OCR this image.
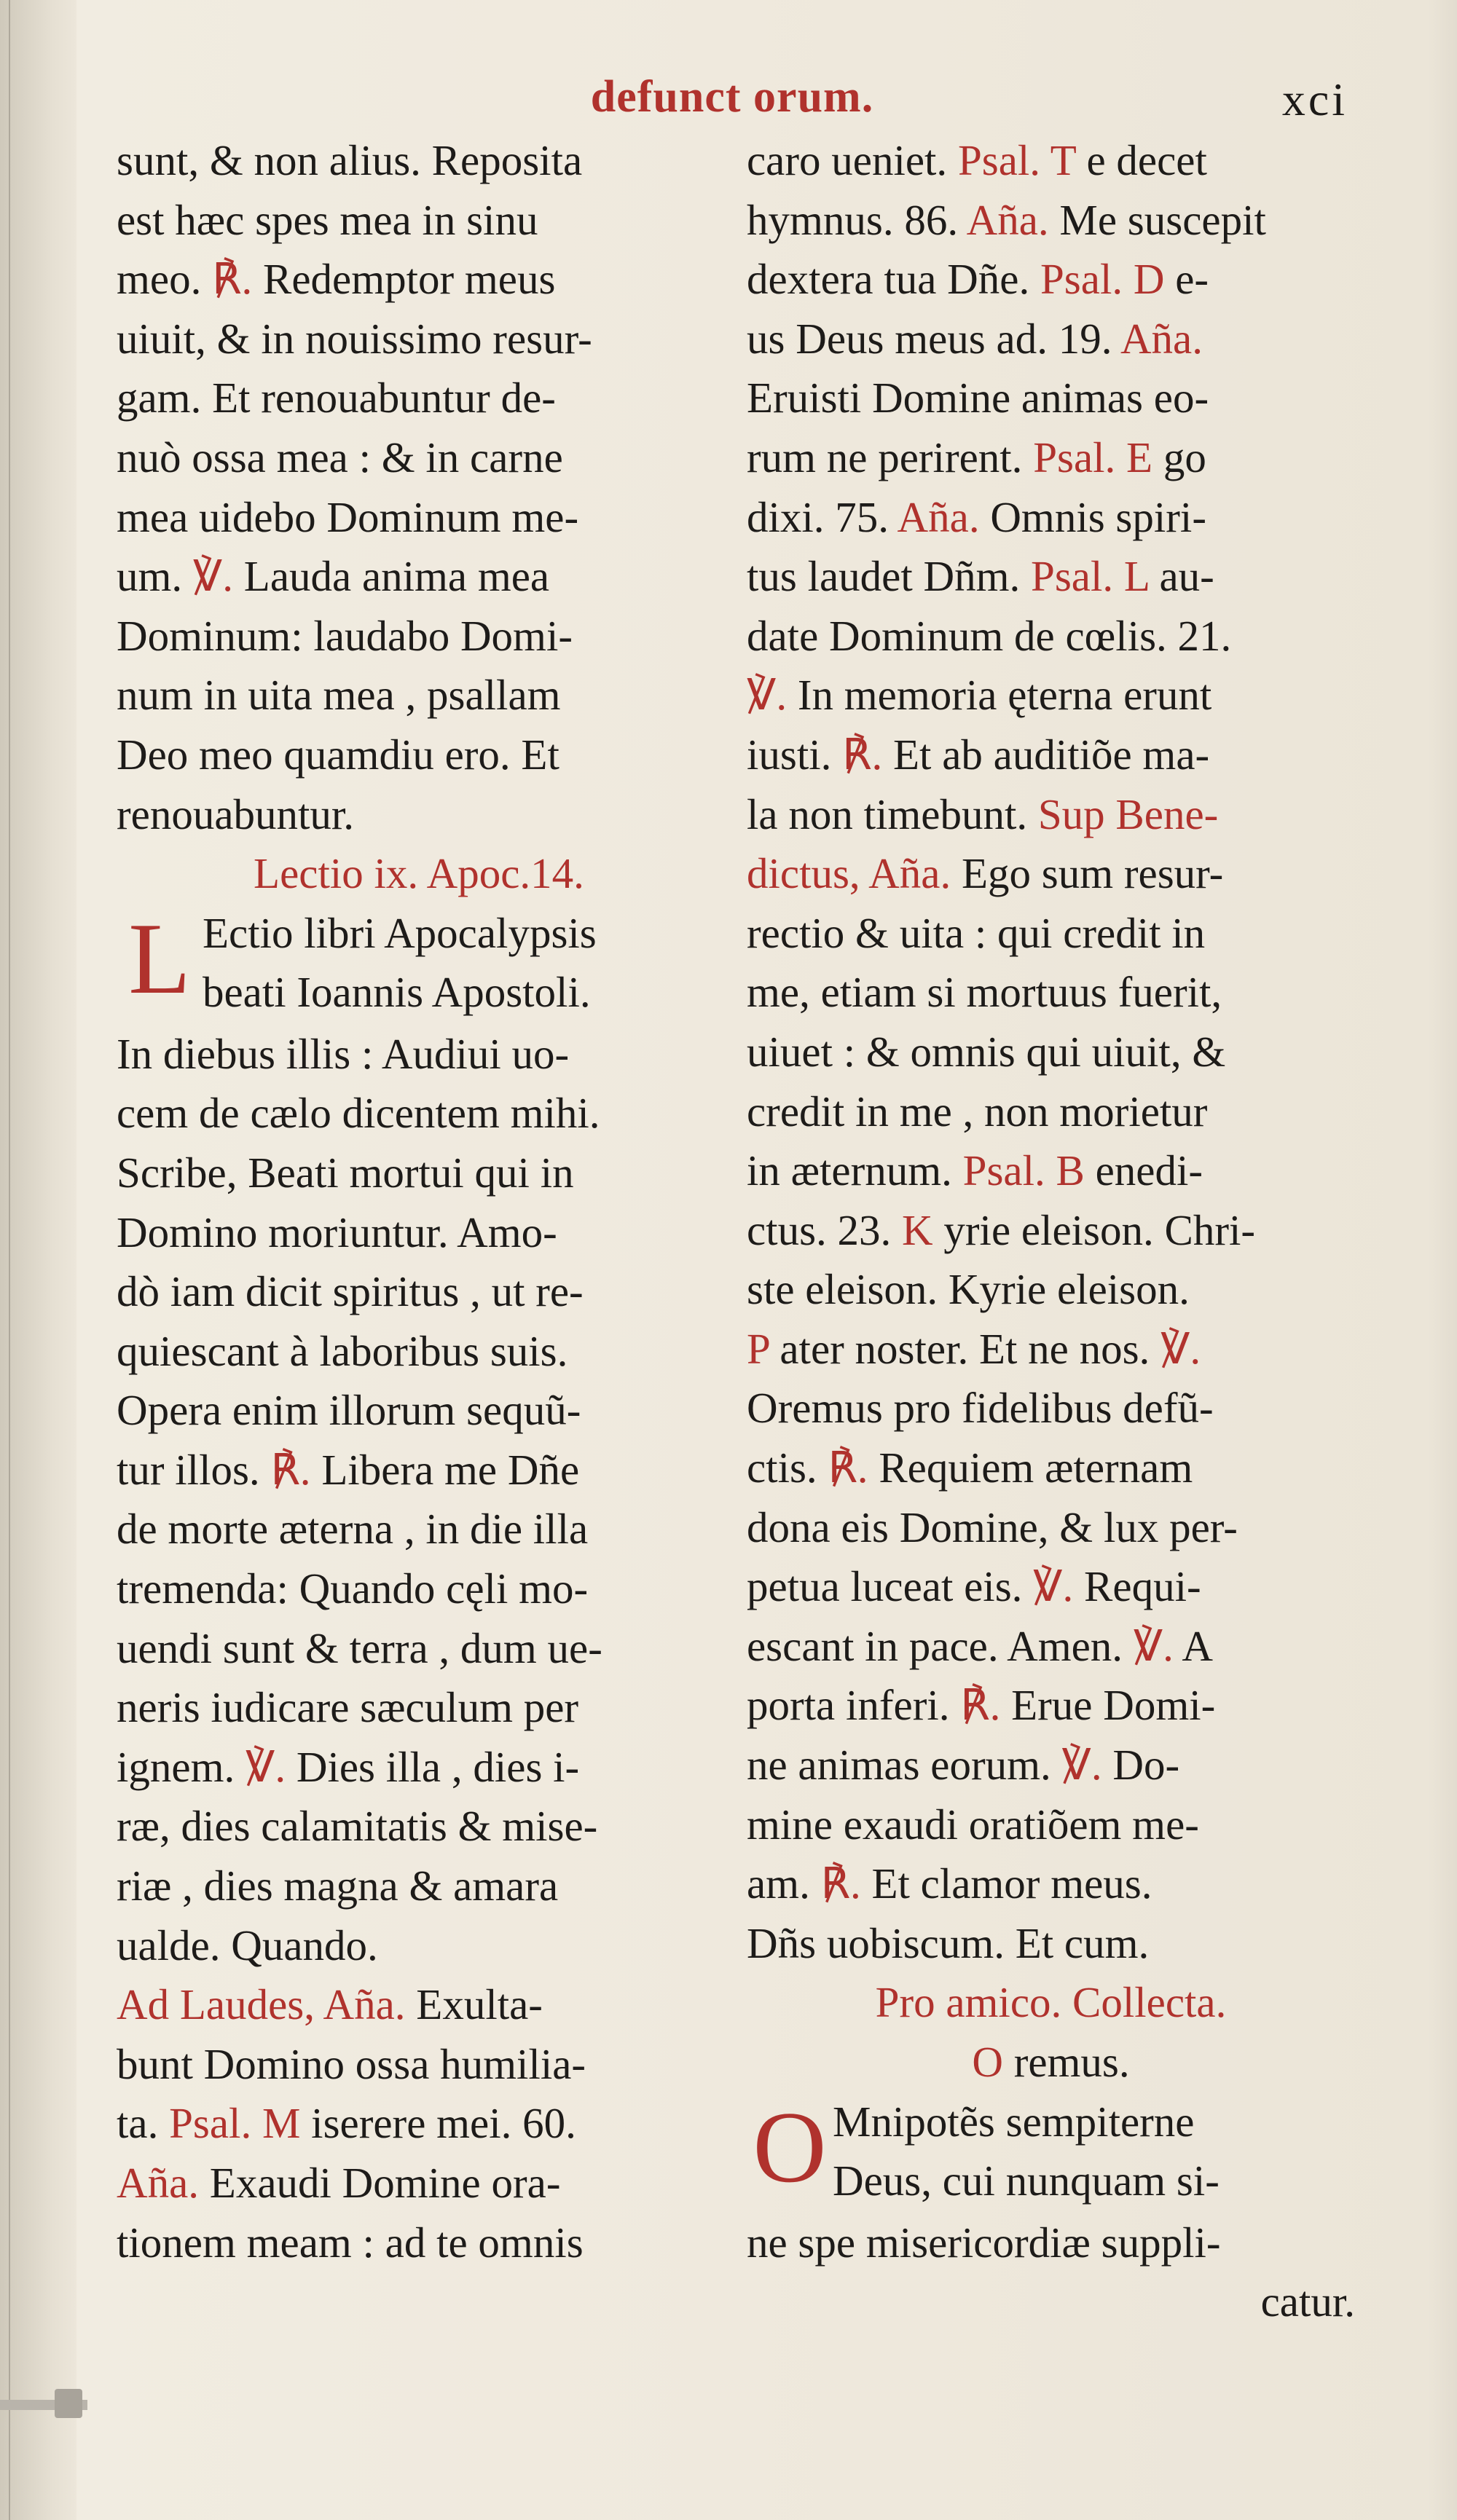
defunct orum.	xci
sunt, & non alius. Reposita
est hæc spes mea in sinu
meo. ℟. Redemptor meus
uiuit, & in nouissimo resur-
gam. Et renouabuntur de-
nuò ossa mea : & in carne
mea uidebo Dominum me-
um. ℣. Lauda anima mea
Dominum: laudabo Domi-
num in uita mea , psallam
Deo meo quamdiu ero. Et
renouabuntur.
Lectio ix. Apoc.14.
L Ectio libri Apocalypsis
beati Ioannis Apostoli.
In diebus illis : Audiui uo-
cem de cælo dicentem mihi.
Scribe, Beati mortui qui in
Domino moriuntur. Amo-
dò iam dicit spiritus , ut re-
quiescant à laboribus suis.
Opera enim illorum sequũ-
tur illos. ℟. Libera me Dñe
de morte æterna , in die illa
tremenda: Quando cęli mo-
uendi sunt & terra , dum ue-
neris iudicare sæculum per
ignem. ℣. Dies illa , dies i-
ræ, dies calamitatis & mise-
riæ , dies magna & amara
ualde. Quando.
Ad Laudes, Aña. Exulta-
bunt Domino ossa humilia-
ta. Psal. M iserere mei. 60.
Aña. Exaudi Domine ora-
tionem meam : ad te omnis
caro ueniet. Psal. T e decet
hymnus. 86. Aña. Me suscepit
dextera tua Dñe. Psal. D e-
us Deus meus ad. 19. Aña.
Eruisti Domine animas eo-
rum ne perirent. Psal. E go
dixi. 75. Aña. Omnis spiri-
tus laudet Dñm. Psal. L au-
date Dominum de cœlis. 21.
℣. In memoria ęterna erunt
iusti. ℟. Et ab auditiõe ma-
la non timebunt. Sup Bene-
dictus, Aña. Ego sum resur-
rectio & uita : qui credit in
me, etiam si mortuus fuerit,
uiuet : & omnis qui uiuit, &
credit in me , non morietur
in æternum. Psal. B enedi-
ctus. 23. K yrie eleison. Chri-
ste eleison. Kyrie eleison.
P ater noster. Et ne nos. ℣.
Oremus pro fidelibus defũ-
ctis. ℟. Requiem æternam
dona eis Domine, & lux per-
petua luceat eis. ℣. Requi-
escant in pace. Amen. ℣. A
porta inferi. ℟. Erue Domi-
ne animas eorum. ℣. Do-
mine exaudi oratiõem me-
am. ℟. Et clamor meus.
Dñs uobiscum. Et cum.
Pro amico. Collecta.
O remus.
O Mnipotẽs sempiterne
Deus, cui nunquam si-
ne spe misericordiæ suppli-
catur.
